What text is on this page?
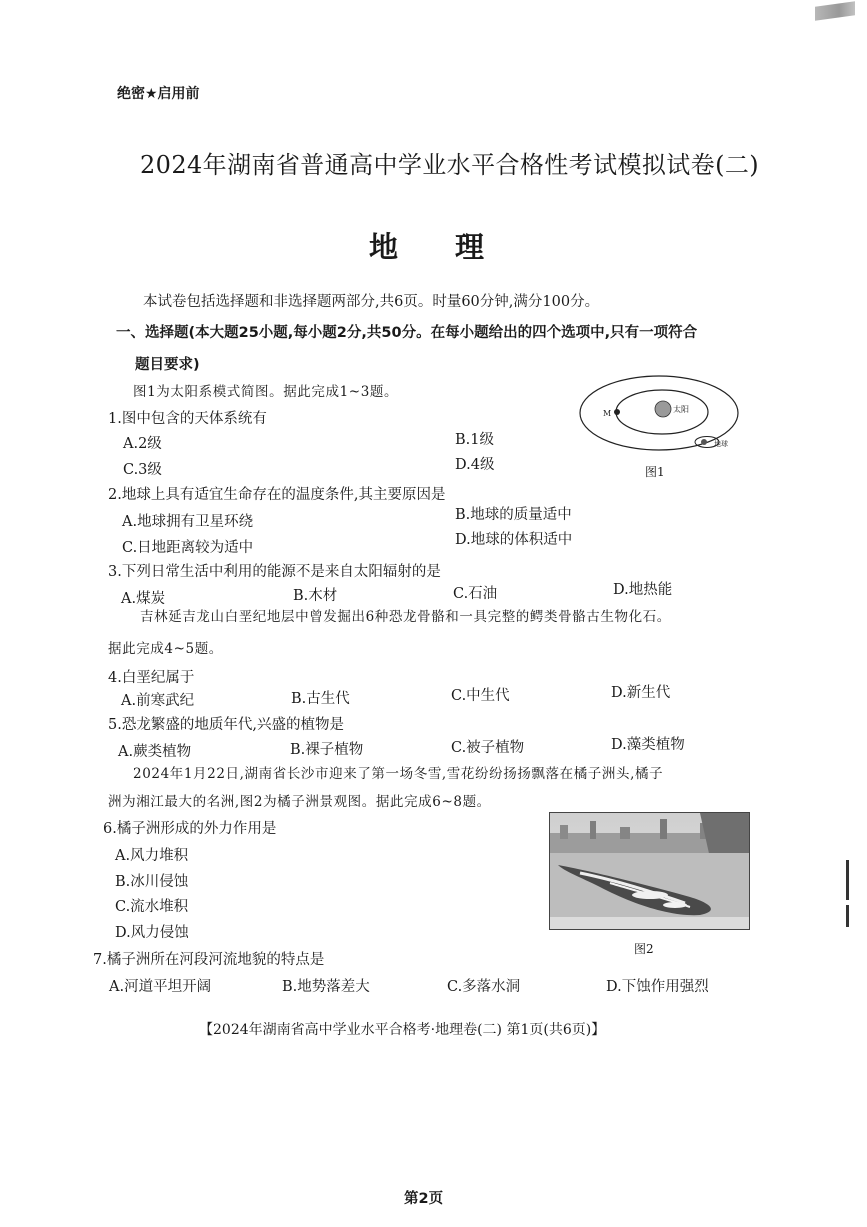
绝密★启用前
2024年湖南省普通高中学业水平合格性考试模拟试卷(二)
地 理
本试卷包括选择题和非选择题两部分,共6页。时量60分钟,满分100分。
一、选择题(本大题25小题,每小题2分,共50分。在每小题给出的四个选项中,只有一项符合
题目要求)
图1为太阳系模式简图。据此完成1~3题。
M	太阳
地球
图1
1.图中包含的天体系统有
A.2级	B.1级
C.3级	D.4级
2.地球上具有适宜生命存在的温度条件,其主要原因是
A.地球拥有卫星环绕	B.地球的质量适中
C.日地距离较为适中	D.地球的体积适中
3.下列日常生活中利用的能源不是来自太阳辐射的是
A.煤炭	B.木材	C.石油	D.地热能
吉林延吉龙山白垩纪地层中曾发掘出6种恐龙骨骼和一具完整的鳄类骨骼古生物化石。
据此完成4~5题。
4.白垩纪属于
A.前寒武纪	B.古生代	C.中生代	D.新生代
5.恐龙繁盛的地质年代,兴盛的植物是
A.蕨类植物	B.裸子植物	C.被子植物	D.藻类植物
2024年1月22日,湖南省长沙市迎来了第一场冬雪,雪花纷纷扬扬飘落在橘子洲头,橘子
洲为湘江最大的名洲,图2为橘子洲景观图。据此完成6~8题。
6.橘子洲形成的外力作用是
A.风力堆积
B.冰川侵蚀
C.流水堆积
D.风力侵蚀
图2
7.橘子洲所在河段河流地貌的特点是
A.河道平坦开阔	B.地势落差大	C.多落水洞	D.下蚀作用强烈
【2024年湖南省高中学业水平合格考·地理卷(二) 第1页(共6页)】
第2页
